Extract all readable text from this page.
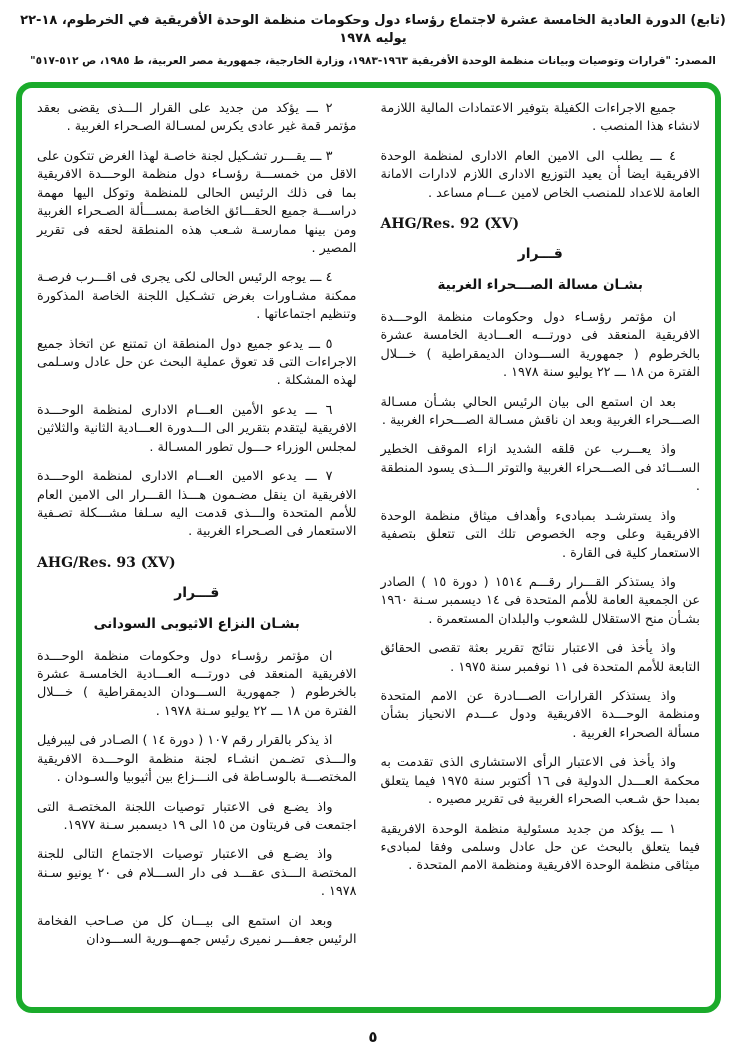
(تابع) الدورة العادية الخامسة عشرة لاجتماع رؤساء دول وحكومات منظمة الوحدة الأفريقية في الخرطوم، ١٨-٢٢ يوليه ١٩٧٨
المصدر: "قرارات وتوصيات وبيانات منظمة الوحدة الأفريقية ١٩٦٣-١٩٨٣، وزارة الخارجية، جمهورية مصر العربية، ط ١٩٨٥، ص ٥١٢-٥١٧"

جميع الاجراءات الكفيلة بتوفير الاعتمادات المالية اللازمة لانشاء هذا المنصب .

٤ ـــ يطلب الى الامين العام الادارى لمنظمة الوحدة الافريقية ايضا أن يعيد التوزيع الادارى اللازم لادارات الامانة العامة للاعداد للمنصب الخاص لامين عـــام مساعد .

AHG/Res. 92 (XV)

قـــرار

بشـان مسالة الصـــحراء الغربية

ان مؤتمر رؤسـاء دول وحكومات منظمة الوحـــدة الافريقية المنعقد فى دورتـــه العـــادية الخامسة عشرة بالخرطوم ( جمهورية الســـودان الديمقراطية ) خـــلال الفترة من ١٨ ـــ ٢٢ يوليو سنة ١٩٧٨ .

بعد ان استمع الى بيان الرئيس الحالي بشـأن مسـالة الصـــحراء الغربية وبعد ان ناقش مسـالة الصـــحراء الغربية .

واذ يعـــرب عن قلقه الشديد ازاء الموقف الخطير الســـائد فى الصـــحراء الغربية والتوتر الـــذى يسود المنطقة .

واذ يسترشـد بمبادىء وأهداف ميثاق منظمة الوحدة الافريقية وعلى وجه الخصوص تلك التى تتعلق بتصفية الاستعمار كلية فى القارة .

واذ يستذكر القـــرار رقـــم ١٥١٤ ( دورة ١٥ ) الصادر عن الجمعية العامة للأمم المتحدة فى ١٤ ديسمبر سـنة ١٩٦٠ بشـأن منح الاستقلال للشعوب والبلدان المستعمرة .

واذ يأخذ فى الاعتبار نتائج تقرير بعثة تقصى الحقائق التابعة للأمم المتحدة فى ١١ نوفمبر سنة ١٩٧٥ .

واذ يستذكر القرارات الصـــادرة عن الامم المتحدة ومنظمة الوحـــدة الافريقية ودول عـــدم الانحياز بشأن مسألة الصحراء الغربية .

واذ يأخذ فى الاعتبار الرأى الاستشارى الذى تقدمت به محكمة العـــدل الدولية فى ١٦ أكتوبر سنة ١٩٧٥ فيما يتعلق بمبدا حق شـعب الصحراء الغربية فى تقرير مصيره .

١ ـــ يؤكد من جديد مسئولية منظمة الوحدة الافريقية فيما يتعلق بالبحث عن حل عادل وسلمى وفقا لمبادىء ميثاقى منظمة الوحدة الافريقية ومنظمة الامم المتحدة .

٢ ـــ يؤكد من جديد على القرار الـــذى يقضى بعقد مؤتمر قمة غير عادى يكرس لمسـالة الصـحراء الغربية .

٣ ـــ يقـــرر تشـكيل لجنة خاصـة لهذا الغرض تتكون على الاقل من خمســـة رؤسـاء دول منظمة الوحـــدة الافريقية بما فى ذلك الرئيس الحالى للمنظمة وتوكل اليها مهمة دراســـة جميع الحقـــائق الخاصة بمســـألة الصـحراء الغربية ومن بينها ممارسـة شـعب هذه المنطقة لحقه فى تقرير المصير .

٤ ـــ يوجه الرئيس الحالى لكى يجرى فى اقـــرب فرصـة ممكنة مشـاورات بغرض تشـكيل اللجنة الخاصة المذكورة وتنظيم اجتماعاتها .

٥ ـــ يدعو جميع دول المنطقة ان تمتنع عن اتخاذ جميع الاجراءات التى قد تعوق عملية البحث عن حل عادل وسـلمى لهذه المشكلة .

٦ ـــ يدعو الأمين العـــام الادارى لمنظمة الوحـــدة الافريقية ليتقدم بتقرير الى الـــدورة العـــادية الثانية والثلاثين لمجلس الوزراء حـــول تطور المسـالة .

٧ ـــ يدعو الامين العـــام الادارى لمنظمة الوحـــدة الافريقية ان ينقل مضـمون هـــذا القـــرار الى الامين العام للأمم المتحدة والـــذى قدمت اليه سـلفا مشـــكلة تصـفية الاستعمار فى الصـحراء الغربية .

AHG/Res. 93 (XV)

قـــرار

بشـان النزاع الاثيوبى السودانى

ان مؤتمر رؤسـاء دول وحكومات منظمة الوحـــدة الافريقية المنعقد فى دورتـــه العـــادية الخامسـة عشرة بالخرطوم ( جمهورية الســـودان الديمقراطية ) خـــلال الفترة من ١٨ ـــ ٢٢ يوليو سـنة ١٩٧٨ .

اذ يذكر بالقرار رقم ١٠٧ ( دورة ١٤ ) الصـادر فى ليبرفيل والـــذى تضـمن انشـاء لجنة منظمة الوحـــدة الافريقية المختصـــة بالوسـاطة فى النـــزاع بين أثيوبيا والسـودان .

واذ يضـع فى الاعتبار توصيات اللجنة المختصـة التى اجتمعت فى فريتاون من ١٥ الى ١٩ ديسمبر سـنة ١٩٧٧.

واذ يضـع فى الاعتبار توصيات الاجتماع التالى للجنة المختصة الـــذى عقـــد فى دار الســـلام فى ٢٠ يونيو سـنة ١٩٧٨ .

وبعد ان استمع الى بيـــان كل من صـاحب الفخامة الرئيس جعفـــر نميرى رئيس جمهـــورية الســـودان

٥
